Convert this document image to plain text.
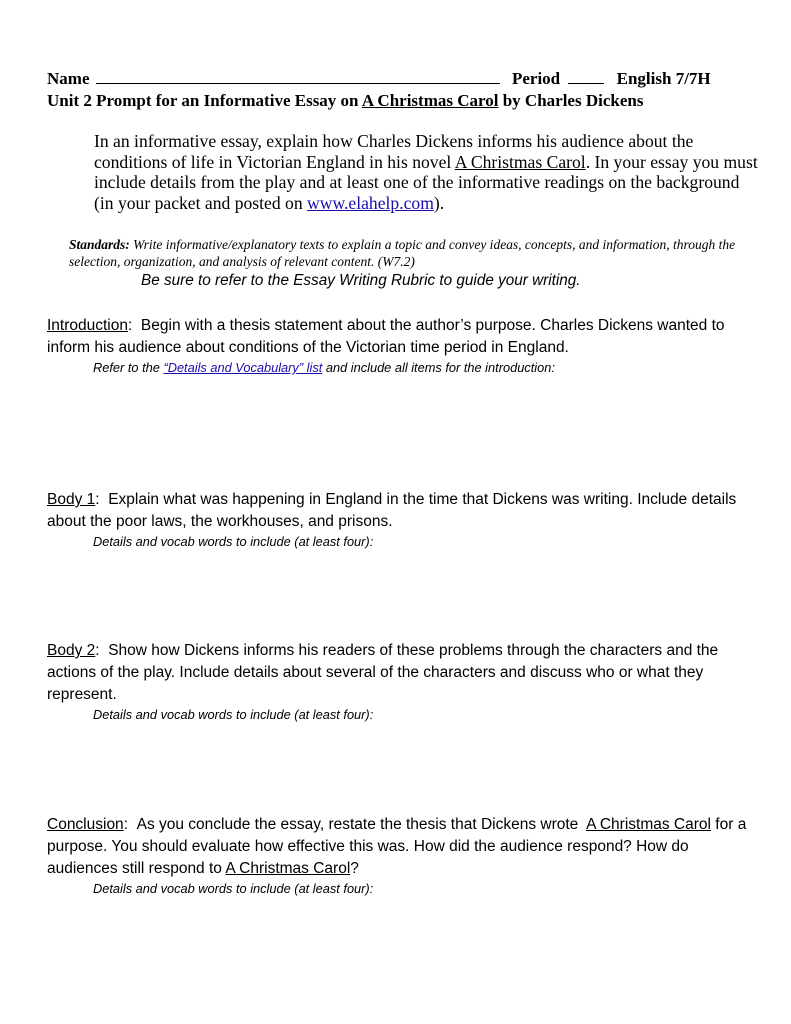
Name	Period	English 7/7H
Unit 2 Prompt for an Informative Essay on A Christmas Carol by Charles Dickens
In an informative essay, explain how Charles Dickens informs his audience about the conditions of life in Victorian England in his novel A Christmas Carol. In your essay you must include details from the play and at least one of the informative readings on the background (in your packet and posted on www.elahelp.com).
Standards: Write informative/explanatory texts to explain a topic and convey ideas, concepts, and information, through the selection, organization, and analysis of relevant content. (W7.2)
Be sure to refer to the Essay Writing Rubric to guide your writing.
Introduction:  Begin with a thesis statement about the author’s purpose. Charles Dickens wanted to inform his audience about conditions of the Victorian time period in England.
Refer to the “Details and Vocabulary” list and include all items for the introduction:
Body 1:  Explain what was happening in England in the time that Dickens was writing. Include details about the poor laws, the workhouses, and prisons.
Details and vocab words to include (at least four):
Body 2:  Show how Dickens informs his readers of these problems through the characters and the actions of the play. Include details about several of the characters and discuss who or what they represent.
Details and vocab words to include (at least four):
Conclusion:  As you conclude the essay, restate the thesis that Dickens wrote A Christmas Carol for a purpose. You should evaluate how effective this was. How did the audience respond? How do audiences still respond to A Christmas Carol?
Details and vocab words to include (at least four):
